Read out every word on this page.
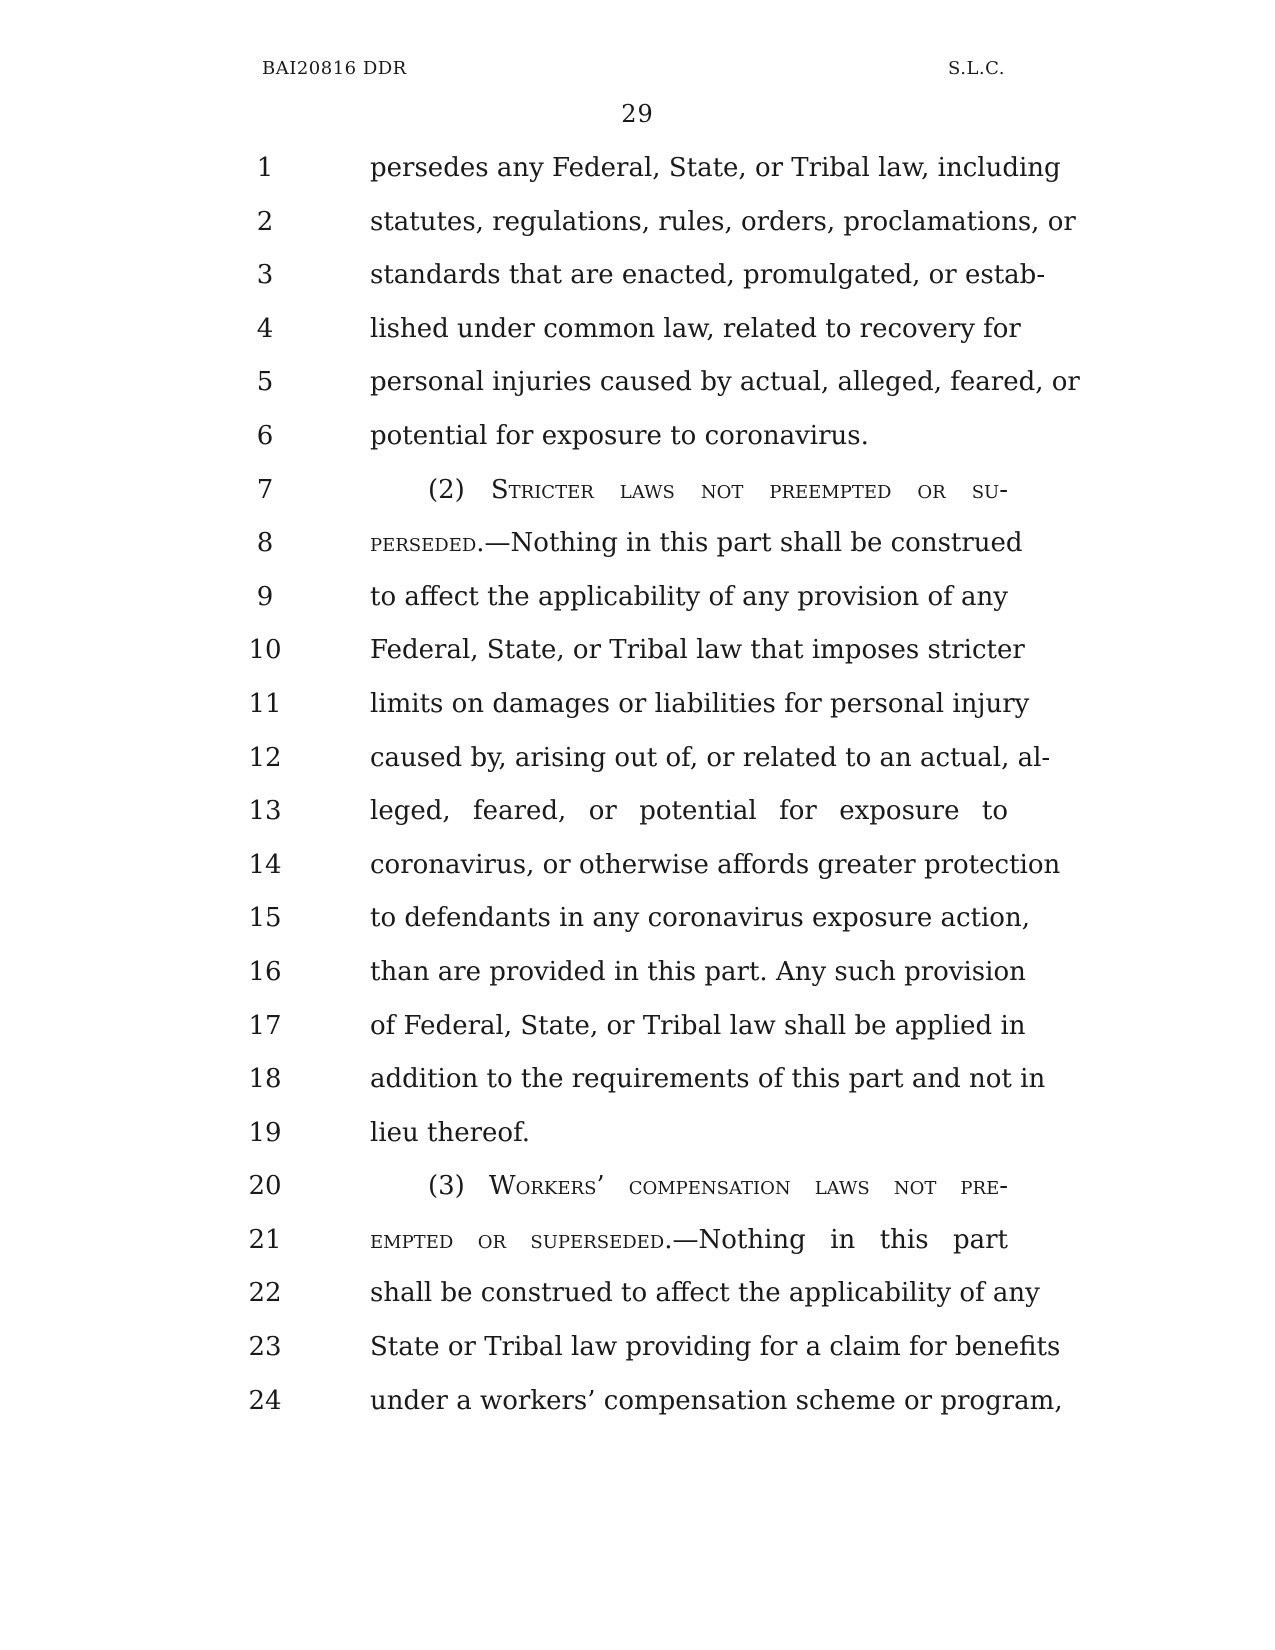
BAI20816 DDR	S.L.C.
29
1	persedes any Federal, State, or Tribal law, including
2	statutes, regulations, rules, orders, proclamations, or
3	standards that are enacted, promulgated, or estab-
4	lished under common law, related to recovery for
5	personal injuries caused by actual, alleged, feared, or
6	potential for exposure to coronavirus.
7	(2) Stricter laws not preempted or su-
8	perseded.—Nothing in this part shall be construed
9	to affect the applicability of any provision of any
10	Federal, State, or Tribal law that imposes stricter
11	limits on damages or liabilities for personal injury
12	caused by, arising out of, or related to an actual, al-
13	leged, feared, or potential for exposure to
14	coronavirus, or otherwise affords greater protection
15	to defendants in any coronavirus exposure action,
16	than are provided in this part. Any such provision
17	of Federal, State, or Tribal law shall be applied in
18	addition to the requirements of this part and not in
19	lieu thereof.
20	(3) Workers’ compensation laws not pre-
21	empted or superseded.—Nothing in this part
22	shall be construed to affect the applicability of any
23	State or Tribal law providing for a claim for benefits
24	under a workers’ compensation scheme or program,
